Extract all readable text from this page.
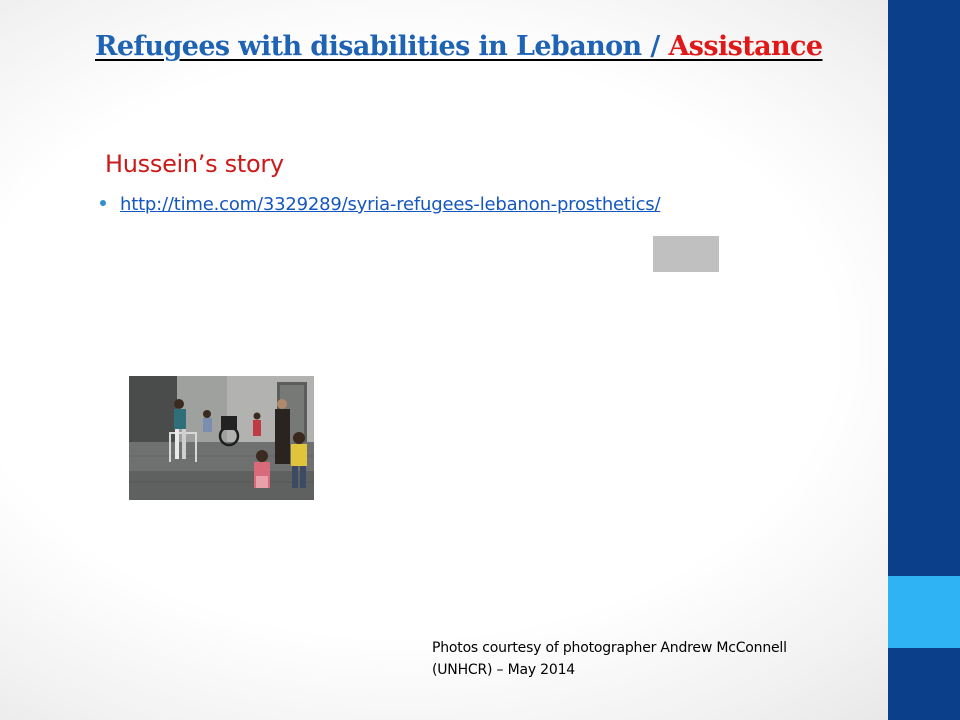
Refugees with disabilities in Lebanon / Assistance
Hussein’s story
http://time.com/3329289/syria-refugees-lebanon-prosthetics/
Photos courtesy of photographer Andrew McConnell
(UNHCR) – May 2014
